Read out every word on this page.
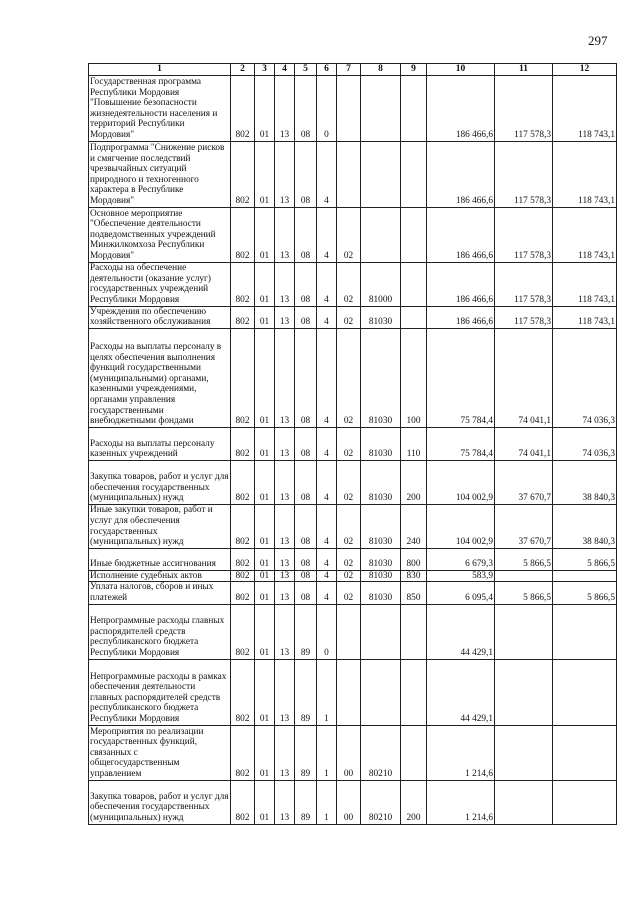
297
1	2	3	4	5	6	7	8	9	10	11	12
Государственная программа Республики Мордовия "Повышение безопасности жизнедеятельности населения и территорий Республики Мордовия"	802	01	13	08	0				186 466,6	117 578,3	118 743,1
Подпрограмма "Снижение рисков и смягчение последствий чрезвычайных ситуаций природного и техногенного характера в Республике Мордовия"	802	01	13	08	4				186 466,6	117 578,3	118 743,1
Основное мероприятие "Обеспечение деятельности подведомственных учреждений Минжилкомхоза Республики Мордовия"	802	01	13	08	4	02			186 466,6	117 578,3	118 743,1
Расходы на обеспечение деятельности (оказание услуг) государственных учреждений Республики Мордовия	802	01	13	08	4	02	81000		186 466,6	117 578,3	118 743,1
Учреждения по обеспечению хозяйственного обслуживания	802	01	13	08	4	02	81030		186 466,6	117 578,3	118 743,1
Расходы на выплаты персоналу в целях обеспечения выполнения функций государственными (муниципальными) органами, казенными учреждениями, органами управления государственными внебюджетными фондами	802	01	13	08	4	02	81030	100	75 784,4	74 041,1	74 036,3
Расходы на выплаты персоналу казенных учреждений	802	01	13	08	4	02	81030	110	75 784,4	74 041,1	74 036,3
Закупка товаров, работ и услуг для обеспечения государственных (муниципальных) нужд	802	01	13	08	4	02	81030	200	104 002,9	37 670,7	38 840,3
Иные закупки товаров, работ и услуг для обеспечения государственных (муниципальных) нужд	802	01	13	08	4	02	81030	240	104 002,9	37 670,7	38 840,3
Иные бюджетные ассигнования	802	01	13	08	4	02	81030	800	6 679,3	5 866,5	5 866,5
Исполнение судебных актов	802	01	13	08	4	02	81030	830	583,9		
Уплата налогов, сборов и иных платежей	802	01	13	08	4	02	81030	850	6 095,4	5 866,5	5 866,5
Непрограммные расходы главных распорядителей средств республиканского бюджета Республики Мордовия	802	01	13	89	0				44 429,1		
Непрограммные расходы в рамках обеспечения деятельности главных распорядителей средств республиканского бюджета Республики Мордовия	802	01	13	89	1				44 429,1		
Мероприятия по реализации государственных функций, связанных с общегосударственным управлением	802	01	13	89	1	00	80210		1 214,6		
Закупка товаров, работ и услуг для обеспечения государственных (муниципальных) нужд	802	01	13	89	1	00	80210	200	1 214,6		
